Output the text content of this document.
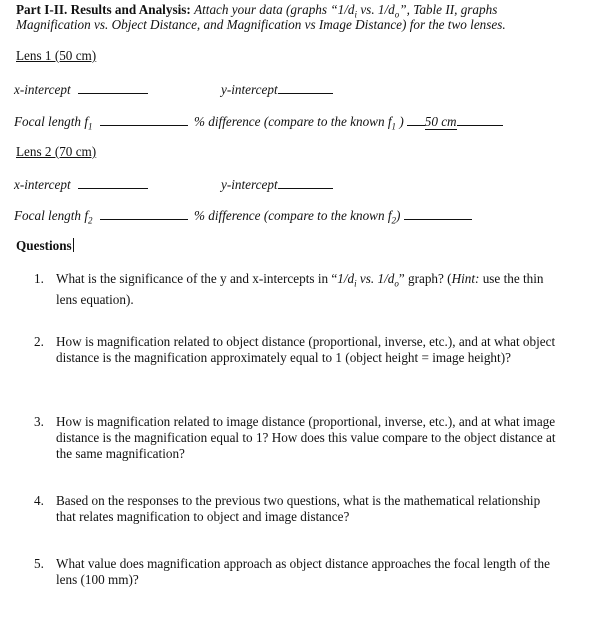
Part I-II. Results and Analysis: Attach your data (graphs “$1/d_i$ vs. $1/d_o$”, Table II, graphs
Magnification vs. Object Distance, and Magnification vs Image Distance) for the two lenses.
Lens 1 (50 cm)
x-intercept	y-intercept
Focal length $f_1$	% difference (compare to the known $f_1$ ) 50 cm
Lens 2 (70 cm)
x-intercept	y-intercept
Focal length $f_2$	% difference (compare to the known $f_2$)
Questions
1. What is the significance of the y and x-intercepts in “$1/d_i$ vs. $1/d_o$” graph? (Hint: use the thin lens equation).
2. How is magnification related to object distance (proportional, inverse, etc.), and at what object distance is the magnification approximately equal to 1 (object height = image height)?
3. How is magnification related to image distance (proportional, inverse, etc.), and at what image distance is the magnification equal to 1? How does this value compare to the object distance at the same magnification?
4. Based on the responses to the previous two questions, what is the mathematical relationship that relates magnification to object and image distance?
5. What value does magnification approach as object distance approaches the focal length of the lens (100 mm)?
